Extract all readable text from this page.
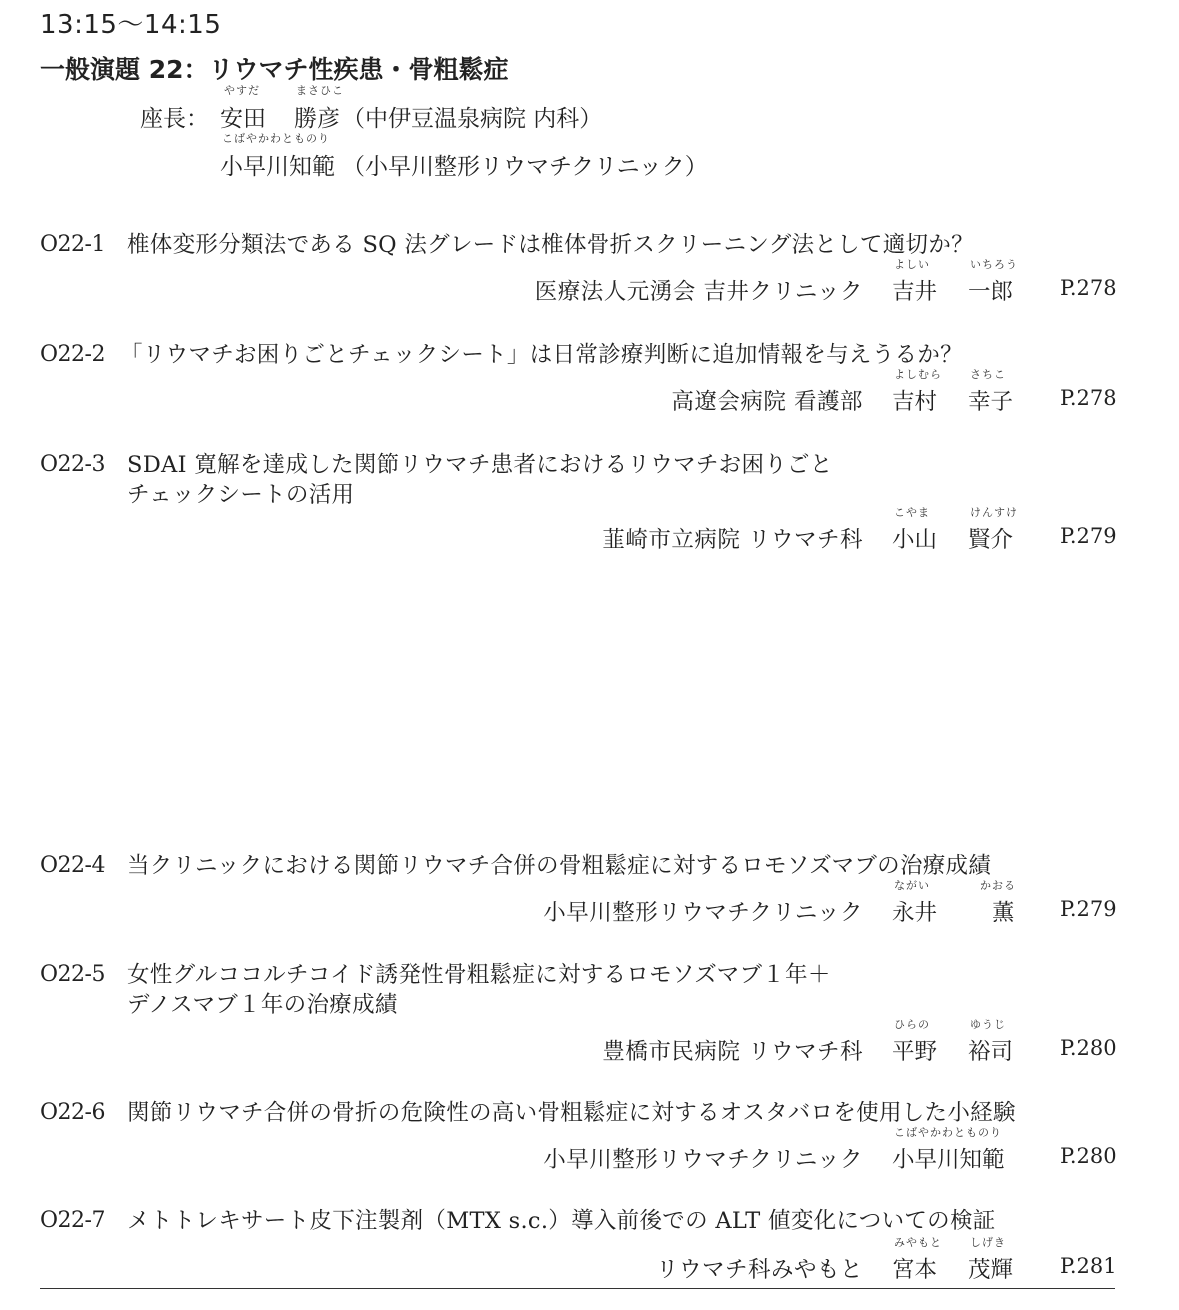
13:15〜14:15
一般演題 22：リウマチ性疾患・骨粗鬆症
座長：
やすだ
安田
まさひこ
勝彦 （中伊豆温泉病院 内科）
こばやかわとものり
小早川知範 （小早川整形リウマチクリニック）
O22-1 椎体変形分類法である SQ 法グレードは椎体骨折スクリーニング法として適切か？
医療法人元湧会 吉井クリニック
よしい
吉井
いちろう
一郎 P.278
O22-2 「リウマチお困りごとチェックシート」は日常診療判断に追加情報を与えうるか？
高遼会病院 看護部
よしむら
吉村
さちこ
幸子 P.278
O22-3 SDAI 寛解を達成した関節リウマチ患者におけるリウマチお困りごと
チェックシートの活用
韮崎市立病院 リウマチ科
こやま
小山
けんすけ
賢介 P.279
O22-4 当クリニックにおける関節リウマチ合併の骨粗鬆症に対するロモソズマブの治療成績
小早川整形リウマチクリニック
ながい
永井
かおる
薫 P.279
O22-5 女性グルココルチコイド誘発性骨粗鬆症に対するロモソズマブ１年＋
デノスマブ１年の治療成績
豊橋市民病院 リウマチ科
ひらの
平野
ゆうじ
裕司 P.280
O22-6 関節リウマチ合併の骨折の危険性の高い骨粗鬆症に対するオスタバロを使用した小経験
小早川整形リウマチクリニック
こばやかわとものり
小早川知範	P.280
O22-7 メトトレキサート皮下注製剤（MTX s.c.）導入前後での ALT 値変化についての検証
リウマチ科みやもと
みやもと
宮本
しげき
茂輝 P.281
